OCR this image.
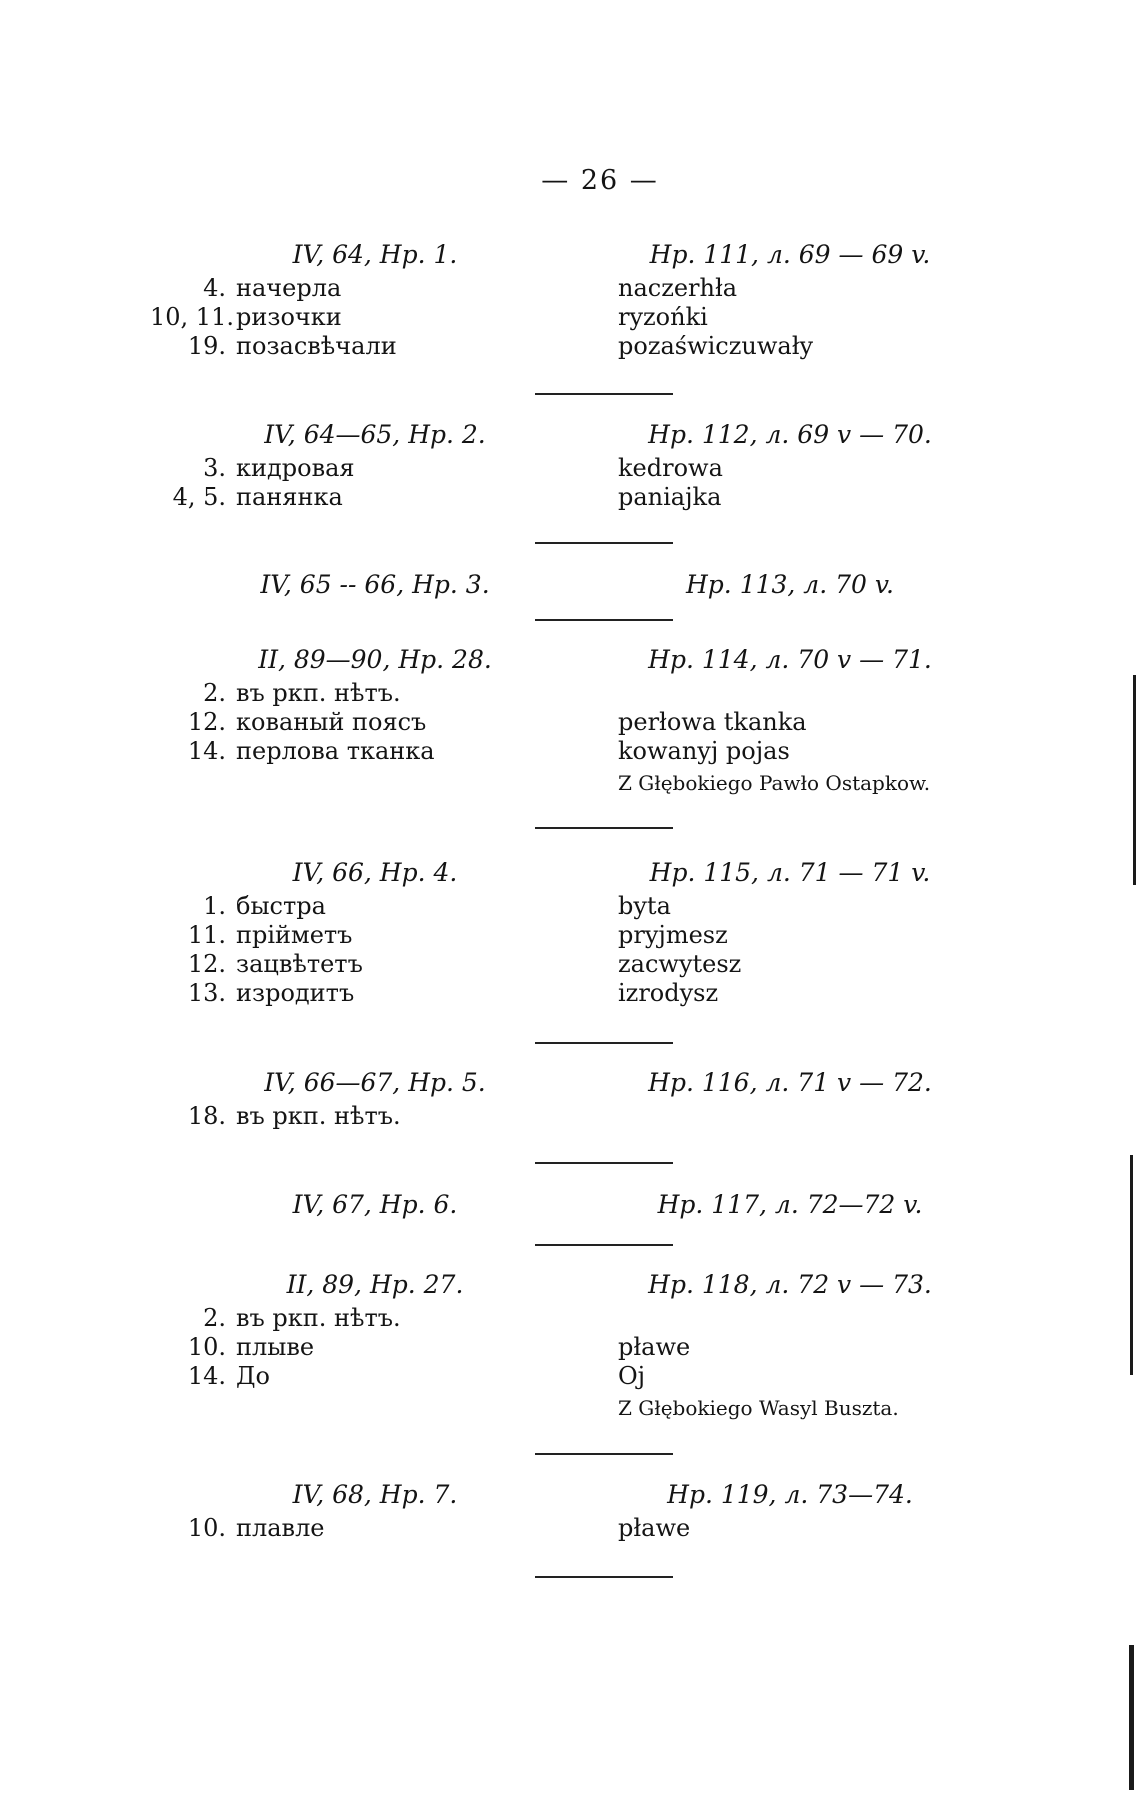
— 26 —
IV, 64, Hp. 1.	Hp. 111, л. 69 — 69 v.
4. начерла	naczerhła
10, 11. ризочки	ryzońki
19. позасвѣчали	pozaświczuwały
IV, 64—65, Hp. 2.	Hp. 112, л. 69 v — 70.
3. кидровая	kedrowa
4, 5. панянка	paniajka
IV, 65 -- 66, Hp. 3.	Hp. 113, л. 70 v.
II, 89—90, Hp. 28.	Hp. 114, л. 70 v — 71.
2. въ ркп. нѣтъ.
12. кованый поясъ	perłowa tkanka
14. перлова тканка	kowanyj pojas
Z Głębokiego Pawło Ostapkow.
IV, 66, Hp. 4.	Hp. 115, л. 71 — 71 v.
1. быстра	byta
11. прійметъ	pryjmesz
12. зацвѣтетъ	zacwytesz
13. изродитъ	izrodysz
IV, 66—67, Hp. 5.	Hp. 116, л. 71 v — 72.
18. въ ркп. нѣтъ.
IV, 67, Hp. 6.	Hp. 117, л. 72—72 v.
II, 89, Hp. 27.	Hp. 118, л. 72 v — 73.
2. въ ркп. нѣтъ.
10. плыве	pławe
14. До	Oj
Z Głębokiego Wasyl Buszta.
IV, 68, Hp. 7.	Hp. 119, л. 73—74.
10. плавле	pławe
